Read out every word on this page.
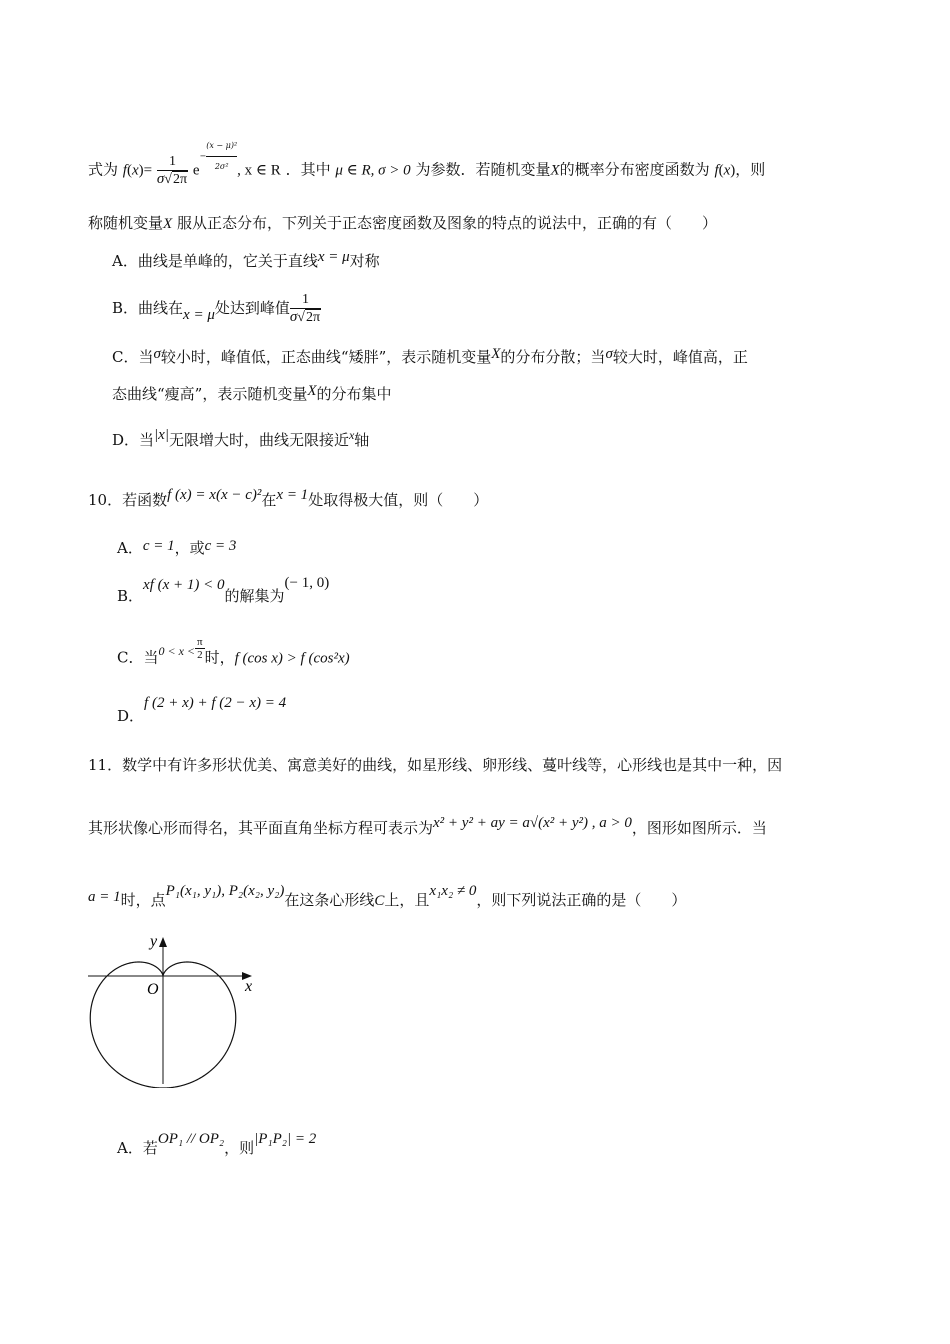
式为 $f(x)= \frac{1}{\sigma√2\pi} e- \frac{\text{(x − μ)²}}{\text{2σ²}}$ , x ∈ R ．其中 μ ∈ R, σ > 0 为参数．若随机变量X的概率分布密度函数为 f(x)，则
称随机变量X 服从正态分布，下列关于正态密度函数及图象的特点的说法中，正确的有（　　）
A．曲线是单峰的，它关于直线x = μ对称
B．曲线在x = μ处达到峰值 $\frac{1}{\sigma√2\pi}$
C．当σ较小时，峰值低，正态曲线“矮胖”，表示随机变量X的分布分散；当σ较大时，峰值高，正
态曲线“瘦高”，表示随机变量X的分布集中
D．当|x|无限增大时，曲线无限接近$^x$轴
10．若函数f (x) = x(x − c)²在x = 1处取得极大值，则（　　）
A．c = 1，或c = 3
B．xf (x + 1) < 0的解集为(− 1, 0)
C．当$^{0 < x <} \frac{\pi}{2}$ 时，f (cos x) > f (cos²x)
D．f (2 + x) + f (2 − x) = 4
11．数学中有许多形状优美、寓意美好的曲线，如星形线、卵形线、蔓叶线等，心形线也是其中一种，因
其形状像心形而得名，其平面直角坐标方程可表示为x² + y² + ay = a√(x² + y²) , a > 0，图形如图所示．当
a = 1时，点P₁(x₁, y₁), P₂(x₂, y₂)在这条心形线C上，且x₁x₂ ≠ 0，则下列说法正确的是（　　）
x
y
O
A．若OP₁ // OP₂，则|P₁P₂| = 2
